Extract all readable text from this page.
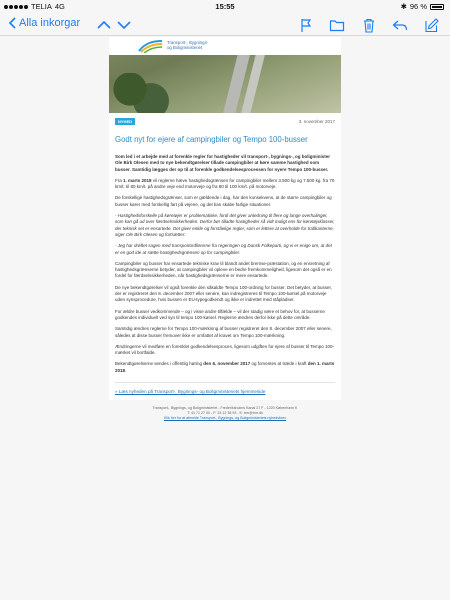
TELIA 4G	15:55	✱ 96 %
Alla inkorgar
Transport-, Bygnings-
og Boligministeriet
NYHED	3. november 2017
Godt nyt for ejere af campingbiler og Tempo 100-busser

Som led i et arbejde med at forenkle regler for hastigheder vil transport-, bygnings-, og boligminister Ole Birk Olesen med to nye bekendtgørelser tillade campingbiler at køre samme hastighed som busser. Samtidig lægges der op til at forenkle godkendelsesprocessen for nyere Tempo 100-busser.

Fra 1. marts 2018 vil reglerne hæve hastighedsgrænsen for campingbiler mellem 3.500 kg og 7.500 kg. fra 70 km/t. til 80 km/t. på andre veje end motorveje og fra 80 til 100 km/t. på motorveje.

De forskellige hastighedsgrænser, som er gældende i dag, har den konsekvens, at de større campingbiler og busser kører med forskellig fart på vejene, og det kan skabe farlige situationer.

- Hastighedsforskelle på køretøjer er problematiske, fordi det giver anledning til flere og lange overhalinger, som kan gå ud over færdselssikkerheden. Derfor bør tilladte hastigheder så vidt muligt ens for køretøjsklasser, der teknisk set er ensartede. Det giver enkle og forståelige regler, som er lettere at overholde for trafikanterne, siger Ole Birk Olesen og fortsætter:

- Jeg har drøftet sagen med transportordførerne fra regeringen og Dansk Folkeparti, og vi er enige om, at det er en god ide at sætte hastighedsgrænsen op for campingbiler.

Campingbiler og busser har ensartede tekniske krav til blandt andet bremse-præstation, og en ensretning af hastighedsgrænserne betyder, at campingbiler vil opleve en bedre fremkommelighed, ligesom det også er en fordel for færdselssikkerheden, når hastighedsgrænserne er mere ensartede.

De nye bekendtgørelser vil også forenkle den såkaldte Tempo 100-ordning for busser. Det betyder, at busser, der er registreret den 8. december 2007 eller senere, kan indregistreres til Tempo 100-kørsel på motorveje uden synsprocedure, hvis bussen er EU-typegodkendt og ikke er indrettet med ståpladser.

For ældre busser vedkommende – og i visse andre tilfælde – vil der stadig være et behov for, at busserne godkendes individuelt ved syn til tempo 100-kørsel. Reglerne ændres derfor ikke på dette område.

Samtidig ændres reglerne for Tempo 100-mærkning af busser registreret den 8. december 2007 eller senere, således at disse busser fremover ikke er omfattet af kravet om Tempo 100-mærkning.

Ændringerne vil medføre en forenklet godkendelsesproces, ligesom udgiften for ejere af busser til Tempo 100-mærket vil bortfalde.

Bekendtgørelserne sendes i offentlig høring den 6. november 2017 og forventes at træde i kraft den 1. marts 2018.

» Læs nyheden på Transport-, Bygnings- og Boligministeriets hjemmeside
Transport-, Bygnings- og Boligministeriet - Frederiksholms Kanal 27 F - 1220 København K
T: 41 71 27 00 - F: 33 12 38 93 - E: trm@trm.dk
Klik her for at afmelde Transport-, Bygnings- og Boligministeriets nyhedsbrev
